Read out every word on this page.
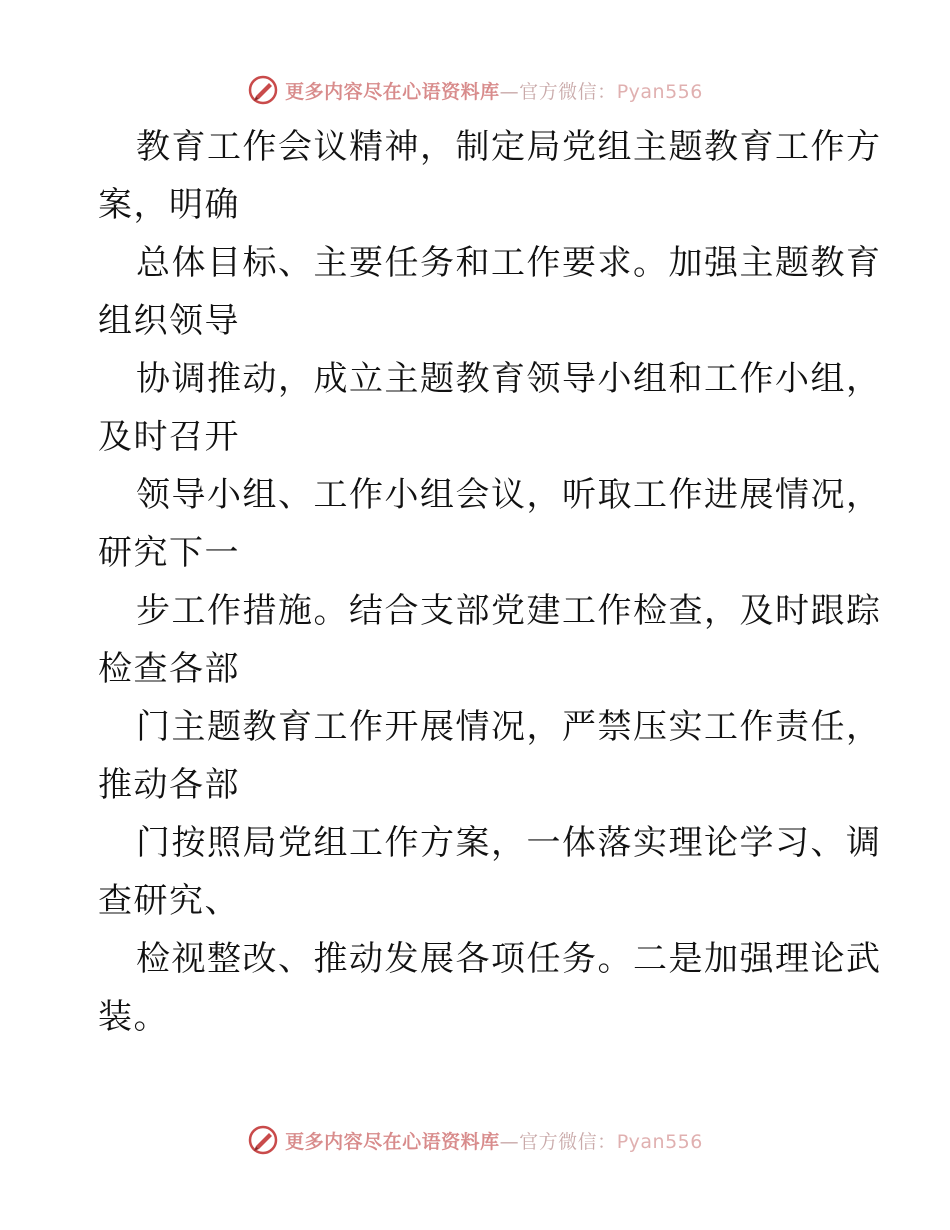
更多内容尽在心语资料库—官方微信：Pyan556
教育工作会议精神，制定局党组主题教育工作方
案，明确
总体目标、主要任务和工作要求。加强主题教育
组织领导
协调推动，成立主题教育领导小组和工作小组，
及时召开
领导小组、工作小组会议，听取工作进展情况，
研究下一
步工作措施。结合支部党建工作检查，及时跟踪
检查各部
门主题教育工作开展情况，严禁压实工作责任，
推动各部
门按照局党组工作方案，一体落实理论学习、调
查研究、
检视整改、推动发展各项任务。二是加强理论武
装。
更多内容尽在心语资料库—官方微信：Pyan556
